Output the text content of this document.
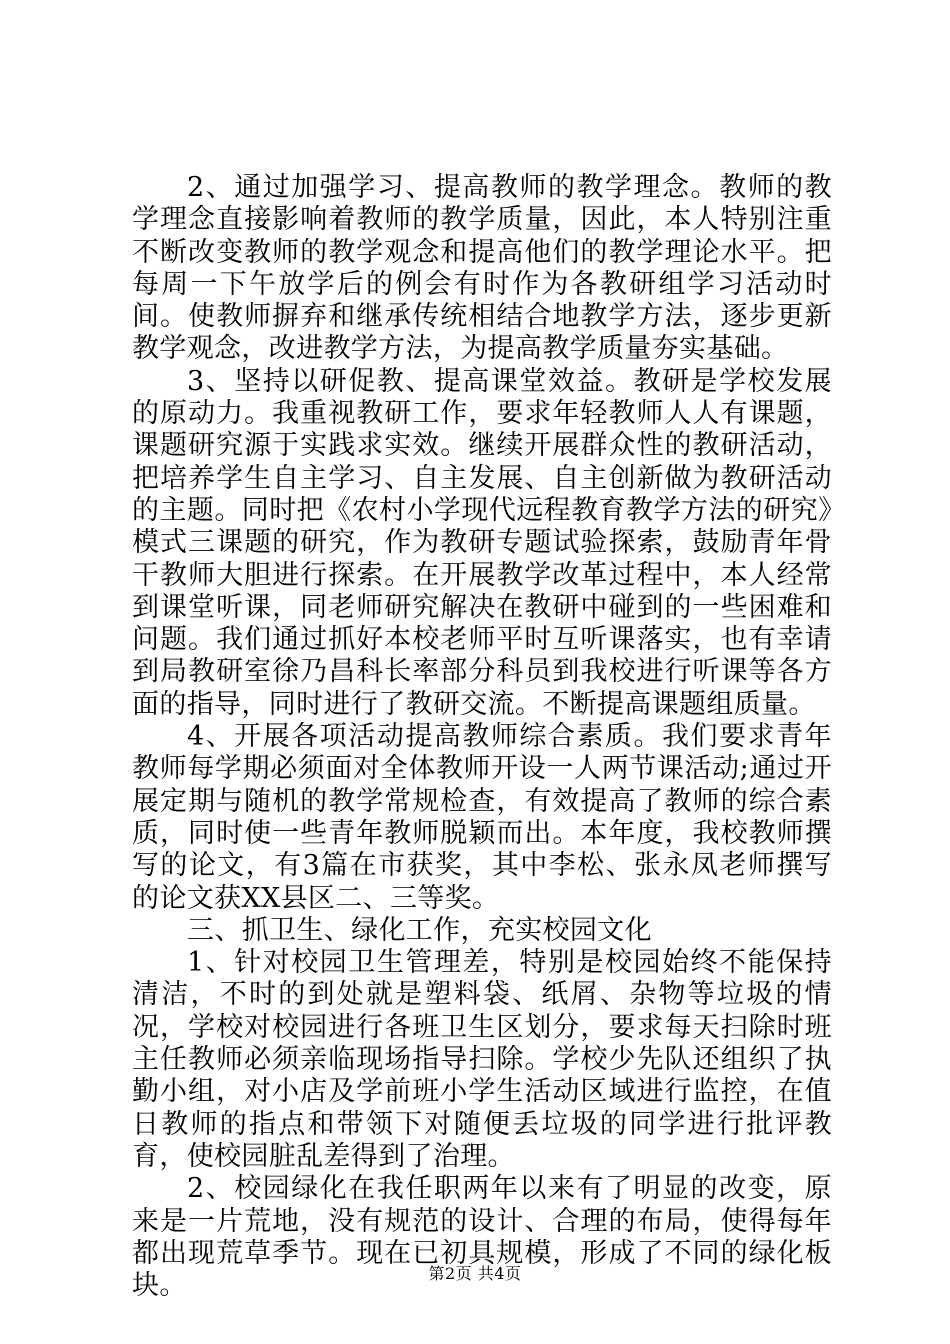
2、通过加强学习、提高教师的教学理念。教师的教学理念直接影响着教师的教学质量，因此，本人特别注重不断改变教师的教学观念和提高他们的教学理论水平。把每周一下午放学后的例会有时作为各教研组学习活动时间。使教师摒弃和继承传统相结合地教学方法，逐步更新教学观念，改进教学方法，为提高教学质量夯实基础。

3、坚持以研促教、提高课堂效益。教研是学校发展的原动力。我重视教研工作，要求年轻教师人人有课题，课题研究源于实践求实效。继续开展群众性的教研活动，把培养学生自主学习、自主发展、自主创新做为教研活动的主题。同时把《农村小学现代远程教育教学方法的研究》模式三课题的研究，作为教研专题试验探索，鼓励青年骨干教师大胆进行探索。在开展教学改革过程中，本人经常到课堂听课，同老师研究解决在教研中碰到的一些困难和问题。我们通过抓好本校老师平时互听课落实，也有幸请到局教研室徐乃昌科长率部分科员到我校进行听课等各方面的指导，同时进行了教研交流。不断提高课题组质量。

4、开展各项活动提高教师综合素质。我们要求青年教师每学期必须面对全体教师开设一人两节课活动;通过开展定期与随机的教学常规检查，有效提高了教师的综合素质，同时使一些青年教师脱颖而出。本年度，我校教师撰写的论文，有3篇在市获奖，其中李松、张永凤老师撰写的论文获XX县区二、三等奖。

三、抓卫生、绿化工作，充实校园文化

1、针对校园卫生管理差，特别是校园始终不能保持清洁，不时的到处就是塑料袋、纸屑、杂物等垃圾的情况，学校对校园进行各班卫生区划分，要求每天扫除时班主任教师必须亲临现场指导扫除。学校少先队还组织了执勤小组，对小店及学前班小学生活动区域进行监控，在值日教师的指点和带领下对随便丢垃圾的同学进行批评教育，使校园脏乱差得到了治理。

2、校园绿化在我任职两年以来有了明显的改变，原来是一片荒地，没有规范的设计、合理的布局，使得每年都出现荒草季节。现在已初具规模，形成了不同的绿化板块。	第2页 共4页
